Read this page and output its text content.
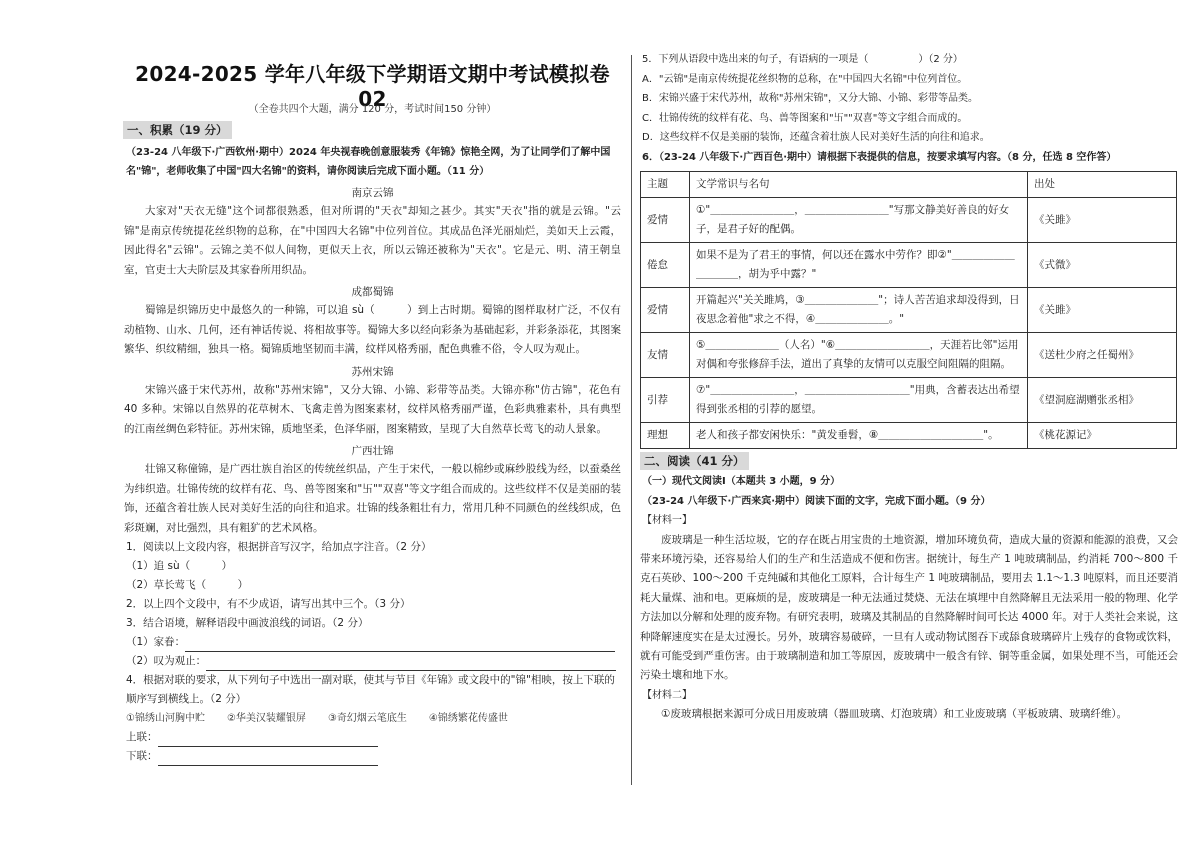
2024-2025 学年八年级下学期语文期中考试模拟卷 02
（全卷共四个大题，满分 120 分，考试时间150 分钟）
一、积累（19 分）
（23-24 八年级下·广西钦州·期中）2024 年央视春晚创意服装秀《年锦》惊艳全网，为了让同学们了解中国名"锦"，老师收集了中国"四大名锦"的资料，请你阅读后完成下面小题。（11 分）
南京云锦
大家对"天衣无缝"这个词都很熟悉，但对所谓的"天衣"却知之甚少。其实"天衣"指的就是云锦。"云锦"是南京传统提花丝织物的总称，在"中国四大名锦"中位列首位。其成品色泽光丽灿烂，美如天上云霞，因此得名"云锦"。云锦之美不似人间物，更似天上衣，所以云锦还被称为"天衣"。它是元、明、清王朝皇室，官吏士大夫阶层及其家眷所用织品。
成都蜀锦
蜀锦是织锦历史中最悠久的一种锦，可以追 sù（　　　）到上古时期。蜀锦的图样取材广泛，不仅有动植物、山水、几何，还有神话传说、将相故事等。蜀锦大多以经向彩条为基础起彩，并彩条添花，其图案繁华、织纹精细，独具一格。蜀锦质地坚韧而丰满，纹样风格秀丽，配色典雅不俗，令人叹为观止。
苏州宋锦
宋锦兴盛于宋代苏州，故称"苏州宋锦"，又分大锦、小锦、彩带等品类。大锦亦称"仿古锦"，花色有 40 多种。宋锦以自然界的花草树木、飞禽走兽为图案素材，纹样风格秀丽严谨，色彩典雅素朴，具有典型的江南丝绸色彩特征。苏州宋锦，质地坚柔，色泽华丽，图案精致，呈现了大自然草长莺飞的动人景象。
广西壮锦
壮锦又称僮锦，是广西壮族自治区的传统丝织品，产生于宋代，一般以棉纱或麻纱股线为经，以蚕桑丝为纬织造。壮锦传统的纹样有花、鸟、兽等图案和"卐""双喜"等文字组合而成的。这些纹样不仅是美丽的装饰，还蕴含着壮族人民对美好生活的向往和追求。壮锦的线条粗壮有力，常用几种不同颜色的丝线织成，色彩斑斓，对比强烈，具有粗犷的艺术风格。
1．阅读以上文段内容，根据拼音写汉字，给加点字注音。（2 分）
（1）追 sù（　　　）
（2）草长莺飞（　　　）
2．以上四个文段中，有不少成语，请写出其中三个。（3 分）
3．结合语境，解释语段中画波浪线的词语。（2 分）
（1）家眷：
（2）叹为观止：
4．根据对联的要求，从下列句子中选出一副对联，使其与节目《年锦》或文段中的"锦"相映，按上下联的顺序写到横线上。（2 分）
①锦绣山河胸中贮 ②华美汉装耀银屏 ③奇幻烟云笔底生 ④锦绣繁花传盛世
上联：
下联：
5．下列从语段中选出来的句子，有语病的一项是（　　　　　）（2 分）
A．"云锦"是南京传统提花丝织物的总称，在"中国四大名锦"中位列首位。
B．宋锦兴盛于宋代苏州，故称"苏州宋锦"，又分大锦、小锦、彩带等品类。
C．壮锦传统的纹样有花、鸟、兽等图案和"卐""双喜"等文字组合而成的。
D．这些纹样不仅是美丽的装饰，还蕴含着壮族人民对美好生活的向往和追求。
6．（23-24 八年级下·广西百色·期中）请根据下表提供的信息，按要求填写内容。（8 分，任选 8 空作答）
主题	文学常识与名句	出处
爱情	①"＿＿＿＿＿＿＿＿，＿＿＿＿＿＿＿＿"写那文静美好善良的好女子，是君子好的配偶。	《关雎》
倦怠	如果不是为了君王的事情，何以还在露水中劳作？即②"＿＿＿＿＿＿＿＿＿＿，胡为乎中露？"	《式微》
爱情	开篇起兴"关关雎鸠，③＿＿＿＿＿＿＿"；诗人苦苦追求却没得到，日夜思念着他"求之不得，④＿＿＿＿＿＿＿。"	《关雎》
友情	⑤＿＿＿＿＿＿＿（人名）"⑥＿＿＿＿＿＿＿＿＿，天涯若比邻"运用对偶和夸张修辞手法，道出了真挚的友情可以克服空间阻隔的阻隔。	《送杜少府之任蜀州》
引荐	⑦"＿＿＿＿＿＿＿＿，＿＿＿＿＿＿＿＿＿＿"用典，含蓄表达出希望得到张丞相的引荐的愿望。	《望洞庭湖赠张丞相》
理想	老人和孩子都安闲快乐："黄发垂髫，⑧＿＿＿＿＿＿＿＿＿＿"。	《桃花源记》
二、阅读（41 分）
（一）现代文阅读Ⅰ（本题共 3 小题，9 分）
（23-24 八年级下·广西来宾·期中）阅读下面的文字，完成下面小题。（9 分）
【材料一】
废玻璃是一种生活垃圾，它的存在既占用宝贵的土地资源，增加环境负荷，造成大量的资源和能源的浪费，又会带来环境污染，还容易给人们的生产和生活造成不便和伤害。据统计，每生产 1 吨玻璃制品，约消耗 700～800 千克石英砂、100～200 千克纯碱和其他化工原料，合计每生产 1 吨玻璃制品，要用去 1.1～1.3 吨原料，而且还要消耗大量煤、油和电。更麻烦的是，废玻璃是一种无法通过焚烧、无法在填埋中自然降解且无法采用一般的物理、化学方法加以分解和处理的废弃物。有研究表明，玻璃及其制品的自然降解时间可长达 4000 年。对于人类社会来说，这种降解速度实在是太过漫长。另外，玻璃容易破碎，一旦有人或动物试图吞下或舔食玻璃碎片上残存的食物或饮料，就有可能受到严重伤害。由于玻璃制造和加工等原因，废玻璃中一般含有锌、铜等重金属，如果处理不当，可能还会污染土壤和地下水。
【材料二】
①废玻璃根据来源可分成日用废玻璃（器皿玻璃、灯泡玻璃）和工业废玻璃（平板玻璃、玻璃纤维）。
